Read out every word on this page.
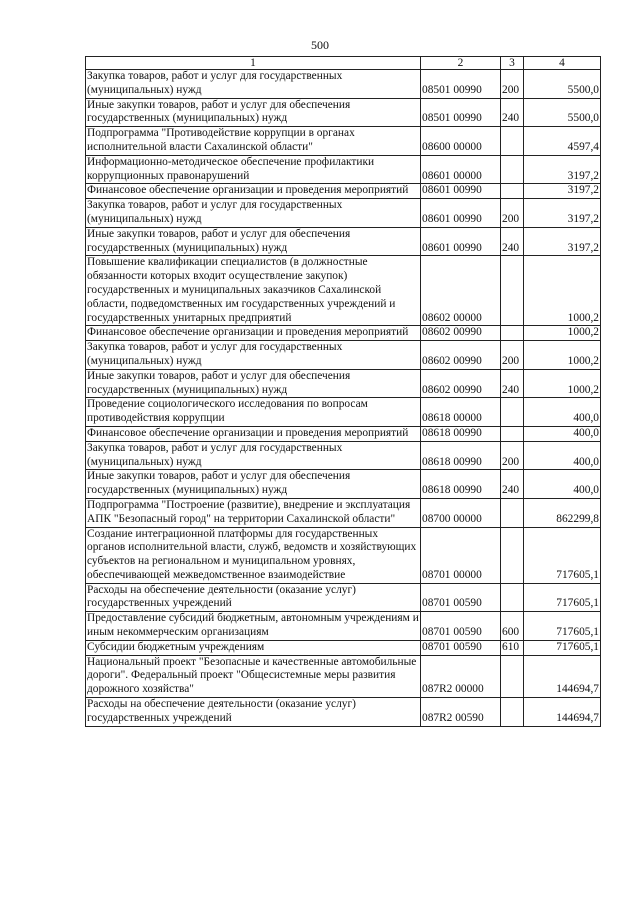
500
1	2	3	4
Закупка товаров, работ и услуг для государственных (муниципальных) нужд	08501 00990	200	5500,0
Иные закупки товаров, работ и услуг для обеспечения государственных (муниципальных) нужд	08501 00990	240	5500,0
Подпрограмма "Противодействие коррупции в органах исполнительной власти Сахалинской области"	08600 00000		4597,4
Информационно-методическое обеспечение профилактики коррупционных правонарушений	08601 00000		3197,2
Финансовое обеспечение организации и проведения мероприятий	08601 00990		3197,2
Закупка товаров, работ и услуг для государственных (муниципальных) нужд	08601 00990	200	3197,2
Иные закупки товаров, работ и услуг для обеспечения государственных (муниципальных) нужд	08601 00990	240	3197,2
Повышение квалификации специалистов (в должностные обязанности которых входит осуществление закупок) государственных и муниципальных заказчиков Сахалинской области, подведомственных им государственных учреждений и государственных унитарных предприятий	08602 00000		1000,2
Финансовое обеспечение организации и проведения мероприятий	08602 00990		1000,2
Закупка товаров, работ и услуг для государственных (муниципальных) нужд	08602 00990	200	1000,2
Иные закупки товаров, работ и услуг для обеспечения государственных (муниципальных) нужд	08602 00990	240	1000,2
Проведение социологического исследования по вопросам противодействия коррупции	08618 00000		400,0
Финансовое обеспечение организации и проведения мероприятий	08618 00990		400,0
Закупка товаров, работ и услуг для государственных (муниципальных) нужд	08618 00990	200	400,0
Иные закупки товаров, работ и услуг для обеспечения государственных (муниципальных) нужд	08618 00990	240	400,0
Подпрограмма "Построение (развитие), внедрение и эксплуатация АПК "Безопасный город" на территории Сахалинской области"	08700 00000		862299,8
Создание интеграционной платформы для государственных органов исполнительной власти, служб, ведомств и хозяйствующих субъектов на региональном и муниципальном уровнях, обеспечивающей межведомственное взаимодействие	08701 00000		717605,1
Расходы на обеспечение деятельности (оказание услуг) государственных учреждений	08701 00590		717605,1
Предоставление субсидий бюджетным, автономным учреждениям и иным некоммерческим организациям	08701 00590	600	717605,1
Субсидии бюджетным учреждениям	08701 00590	610	717605,1
Национальный проект "Безопасные и качественные автомобильные дороги". Федеральный проект "Общесистемные меры развития дорожного хозяйства"	087R2 00000		144694,7
Расходы на обеспечение деятельности (оказание услуг) государственных учреждений	087R2 00590		144694,7
